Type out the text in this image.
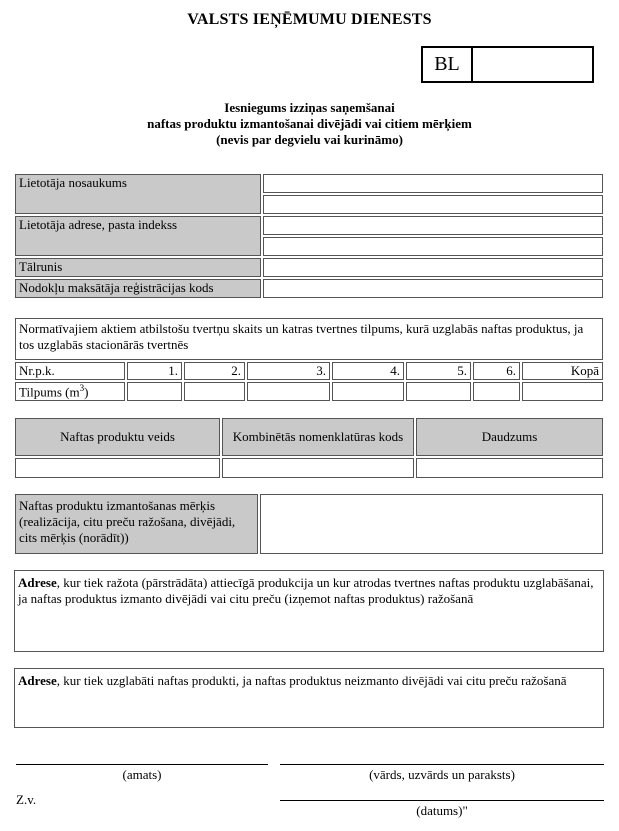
VALSTS IEŅĒMUMU DIENESTS
BL
Iesniegums izziņas saņemšanai
naftas produktu izmantošanai divējādi vai citiem mērķiem
(nevis par degvielu vai kurināmo)
Lietotāja nosaukums	

Lietotāja adrese, pasta indekss	

Tālrunis	
Nodokļu maksātāja reģistrācijas kods	
Normatīvajiem aktiem atbilstošu tvertņu skaits un katras tvertnes tilpums, kurā uzglabās naftas produktus, ja tos uzglabās stacionārās tvertnēs							
Nr.p.k.	1.	2.	3.	4.	5.	6.	Kopā
Tilpums $(m^3)$							
Naftas produktu veids	Kombinētās nomenklatūras kods	Daudzums

Naftas produktu izmantošanas mērķis (realizācija, citu preču ražošana, divējādi, cits mērķis (norādīt))	
Adrese, kur tiek ražota (pārstrādāta) attiecīgā produkcija un kur atrodas tvertnes naftas produktu uzglabāšanai, ja naftas produktus izmanto divējādi vai citu preču (izņemot naftas produktus) ražošanā
Adrese, kur tiek uzglabāti naftas produkti, ja naftas produktus neizmanto divējādi vai citu preču ražošanā
(amats)	(vārds, uzvārds un paraksts)
Z.v.
(datums)"
